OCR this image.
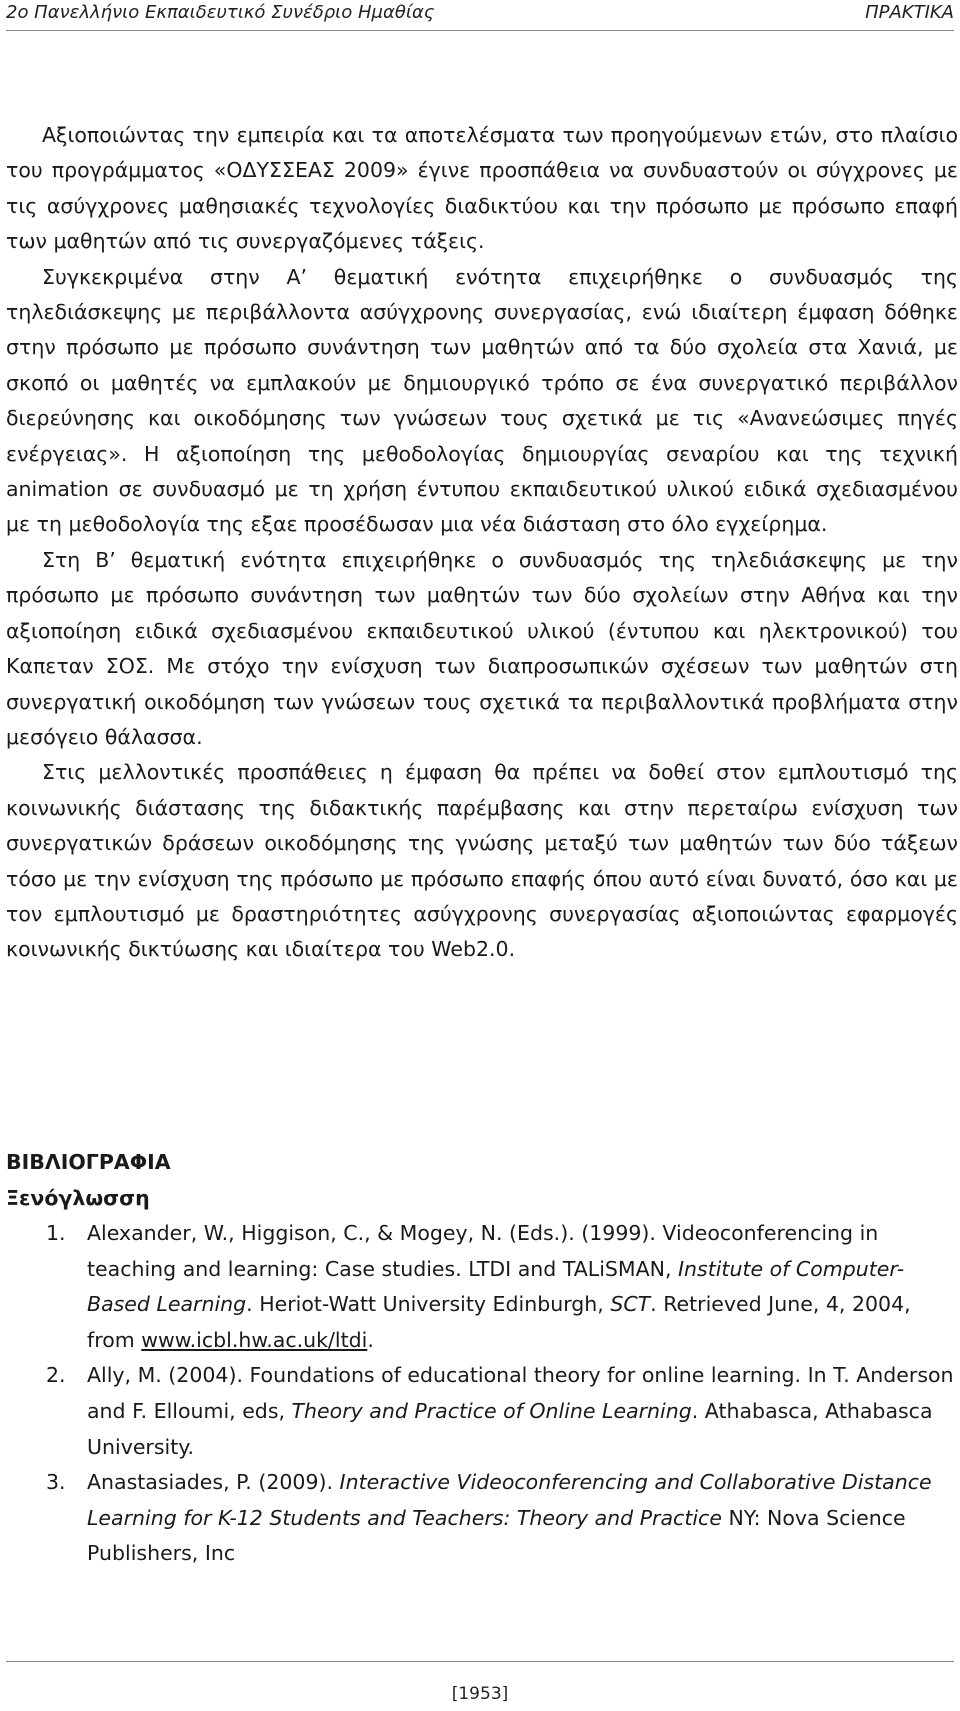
2ο Πανελλήνιο Εκπαιδευτικό Συνέδριο Ημαθίας	ΠΡΑΚΤΙΚΑ

Αξιοποιώντας την εμπειρία και τα αποτελέσματα των προηγούμενων ετών, στο πλαίσιο του προγράμματος «ΟΔΥΣΣΕΑΣ 2009» έγινε προσπάθεια να συνδυαστούν οι σύγχρονες με τις ασύγχρονες μαθησιακές τεχνολογίες διαδικτύου και την πρόσωπο με πρόσωπο επαφή των μαθητών από τις συνεργαζόμενες τάξεις.

Συγκεκριμένα στην Α’ θεματική ενότητα επιχειρήθηκε ο συνδυασμός της τηλεδιάσκεψης με περιβάλλοντα ασύγχρονης συνεργασίας, ενώ ιδιαίτερη έμφαση δόθηκε στην πρόσωπο με πρόσωπο συνάντηση των μαθητών από τα δύο σχολεία στα Χανιά, με σκοπό οι μαθητές να εμπλακούν με δημιουργικό τρόπο σε ένα συνεργατικό περιβάλλον διερεύνησης και οικοδόμησης των γνώσεων τους σχετικά με τις «Ανανεώσιμες πηγές ενέργειας». Η αξιοποίηση της μεθοδολογίας δημιουργίας σεναρίου και της τεχνική animation σε συνδυασμό με τη χρήση έντυπου εκπαιδευτικού υλικού ειδικά σχεδιασμένου με τη μεθοδολογία της εξαε προσέδωσαν μια νέα διάσταση στο όλο εγχείρημα.

Στη Β’ θεματική ενότητα επιχειρήθηκε ο συνδυασμός της τηλεδιάσκεψης με την πρόσωπο με πρόσωπο συνάντηση των μαθητών των δύο σχολείων στην Αθήνα και την αξιοποίηση ειδικά σχεδιασμένου εκπαιδευτικού υλικού (έντυπου και ηλεκτρονικού) του Καπεταν ΣΟΣ. Με στόχο την ενίσχυση των διαπροσωπικών σχέσεων των μαθητών στη συνεργατική οικοδόμηση των γνώσεων τους σχετικά τα περιβαλλοντικά προβλήματα στην μεσόγειο θάλασσα.

Στις μελλοντικές προσπάθειες η έμφαση θα πρέπει να δοθεί στον εμπλουτισμό της κοινωνικής διάστασης της διδακτικής παρέμβασης και στην περεταίρω ενίσχυση των συνεργατικών δράσεων οικοδόμησης της γνώσης μεταξύ των μαθητών των δύο τάξεων τόσο με την ενίσχυση της πρόσωπο με πρόσωπο επαφής όπου αυτό είναι δυνατό, όσο και με τον εμπλουτισμό με δραστηριότητες ασύγχρονης συνεργασίας αξιοποιώντας εφαρμογές κοινωνικής δικτύωσης και ιδιαίτερα του Web2.0.

ΒΙΒΛΙΟΓΡΑΦΙΑ

Ξενόγλωσση

1. Alexander, W., Higgison, C., & Mogey, N. (Eds.). (1999). Videoconferencing in teaching and learning: Case studies. LTDI and TALiSMAN, Institute of Computer-Based Learning. Heriot-Watt University Edinburgh, SCT. Retrieved June, 4, 2004, from www.icbl.hw.ac.uk/ltdi.
2. Ally, M. (2004). Foundations of educational theory for online learning. In T. Anderson and F. Elloumi, eds, Theory and Practice of Online Learning. Athabasca, Athabasca University.
3. Anastasiades, P. (2009). Interactive Videoconferencing and Collaborative Distance Learning for K-12 Students and Teachers: Theory and Practice NY: Nova Science Publishers, Inc
[1953]
